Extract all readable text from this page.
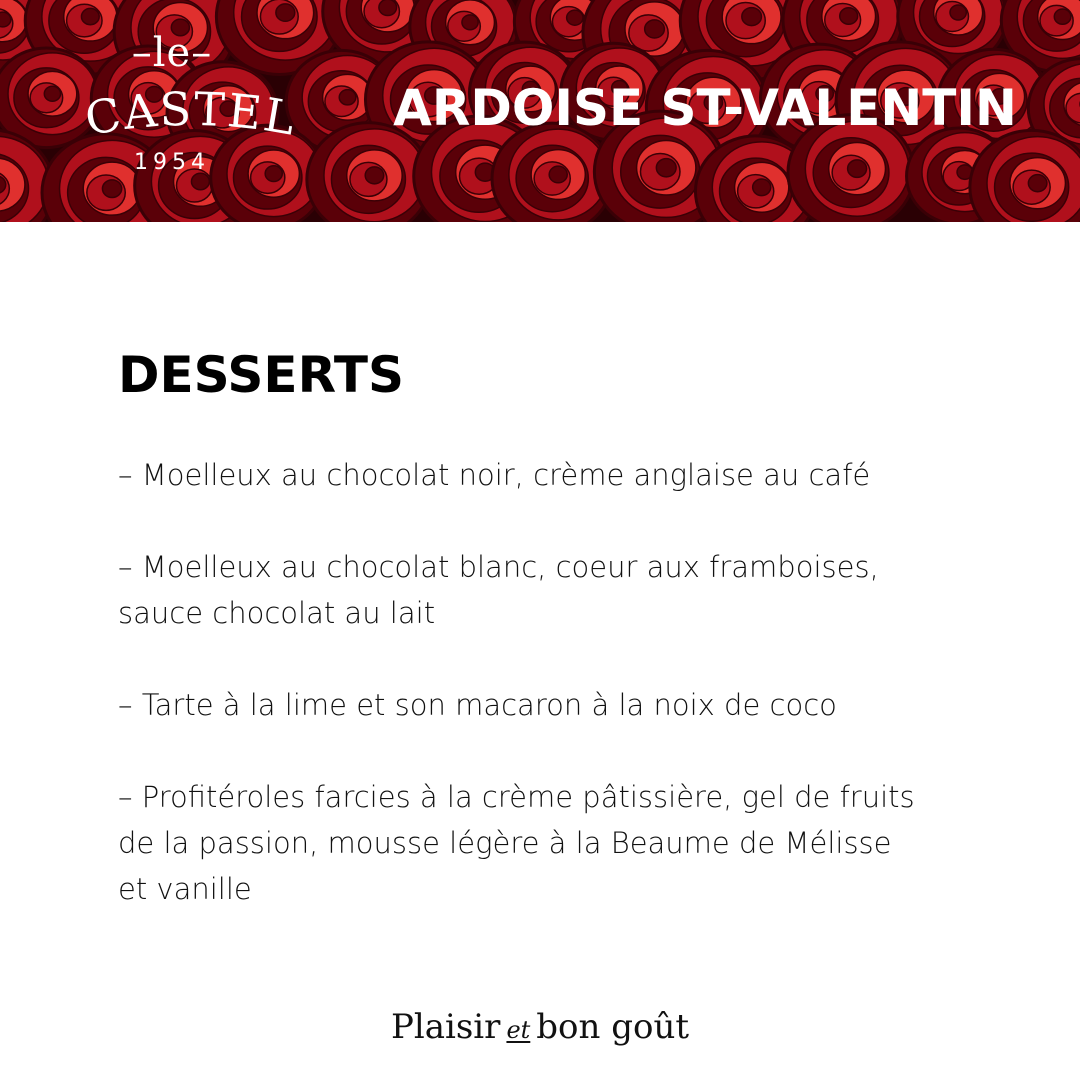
–le–
CASTEL
1954
ARDOISE ST-VALENTIN
DESSERTS

– Moelleux au chocolat noir, crème anglaise au café

– Moelleux au chocolat blanc, coeur aux framboises, sauce chocolat au lait

– Tarte à la lime et son macaron à la noix de coco

– Profitéroles farcies à la crème pâtissière, gel de fruits de la passion, mousse légère à la Beaume de Mélisse et vanille

Plaisir et bon goût
